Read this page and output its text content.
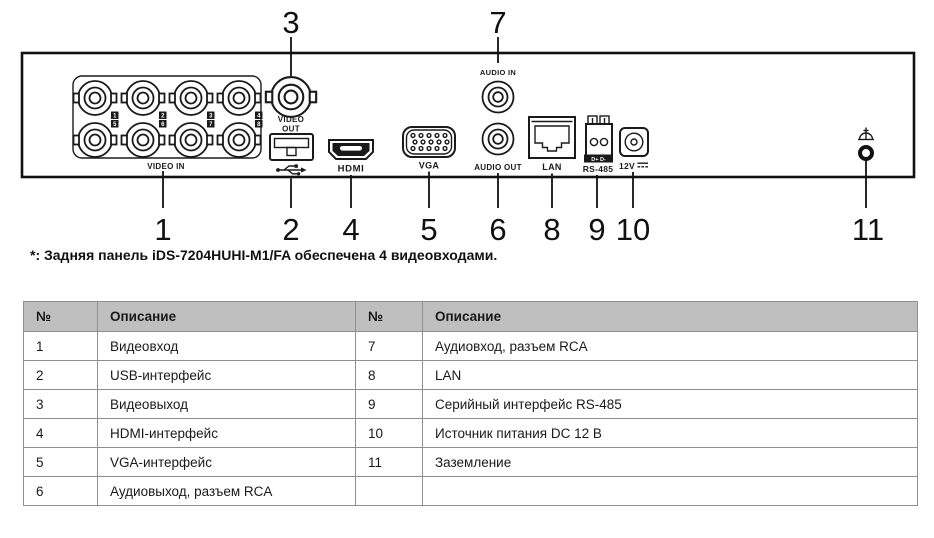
1
5
2
6
3
7
4
8
VIDEO IN
VIDEO
OUT
HDMI	VGA
AUDIO IN
AUDIO OUT LAN
D+ D-
RS-485 12V
3	7
1	2 4 5 6 8 9 10	11

*: Задняя панель iDS-7204HUHI-M1/FA обеспечена 4 видеовходами.

№	Описание	№	Описание
1	Видеовход	7	Аудиовход, разъем RCA
2	USB-интерфейс	8	LAN
3	Видеовыход	9	Серийный интерфейс RS-485
4	HDMI-интерфейс	10	Источник питания DC 12 В
5	VGA-интерфейс	11	Заземление
6	Аудиовыход, разъем RCA		
